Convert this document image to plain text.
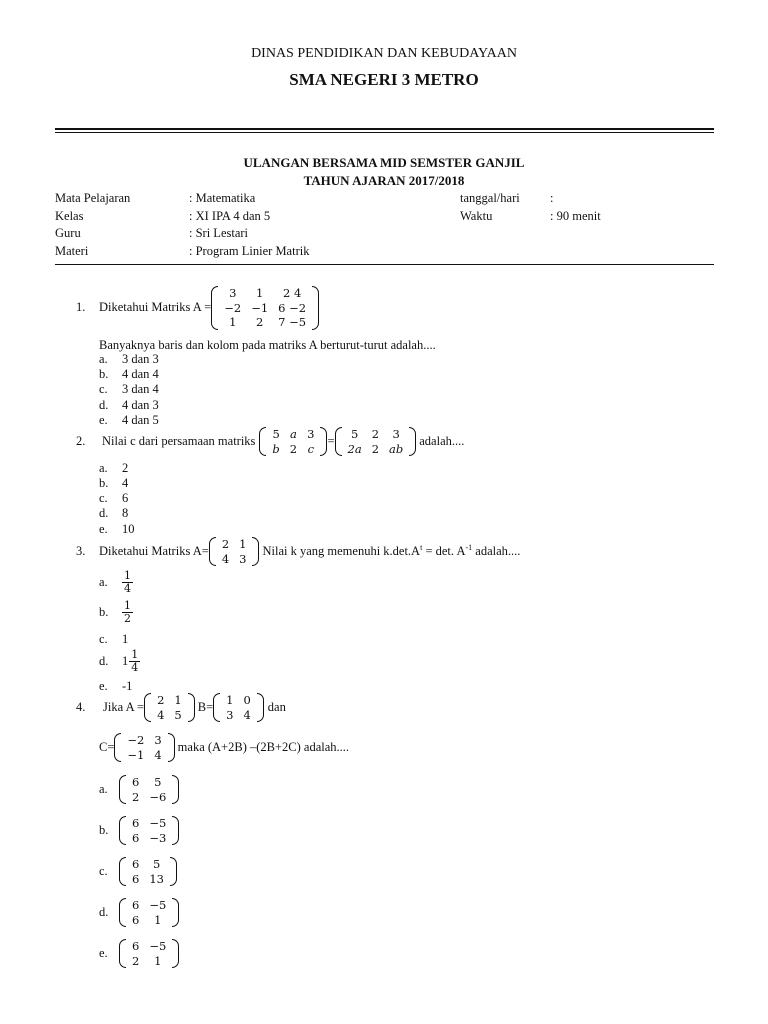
DINAS PENDIDIKAN DAN KEBUDAYAAN
SMA NEGERI 3 METRO
ULANGAN BERSAMA MID SEMSTER GANJIL
TAHUN AJARAN 2017/2018
Mata Pelajaran	: Matematika	tanggal/hari :
Kelas	: XI IPA 4 dan 5	Waktu	: 90 menit
Guru	: Sri Lestari
Materi	: Program Linier Matrik
1.	Diketahui Matriks A =
3	1	2 4
−2	−1	6 −2
1	2	7 −5
Banyaknya baris dan kolom pada matriks A berturut-turut adalah....
a. 3 dan 3
b. 4 dan 4
c. 3 dan 4
d. 4 dan 3
e. 4 dan 5
2.	Nilai c dari persamaan matriks 5	a	3
b	2	c
= 5	2	3
2a	2	ab
adalah....
a. 2
b. 4
c. 6
d. 8
e. 10
3.	Diketahui Matriks A= 2	1
4	3 Nilai k yang memenuhi $k.\det.A^t = \det$. $A^{-1}$ adalah....
a.	$\frac{1}{4}$
b.	$\frac{1}{2}$
c. 1
d.	$1 \frac{1}{4}$
e. -1
4.	Jika A = 2	1
4	5
B= 1	0
3	4
dan
C= −2	3
−1	4
maka (A+2B) –(2B+2C) adalah....
a.	6	5
2	−6
b.	6	−5
6	−3
c.	6	5
6	13
d.	6	−5
6	1
e.	6	−5
2	1
